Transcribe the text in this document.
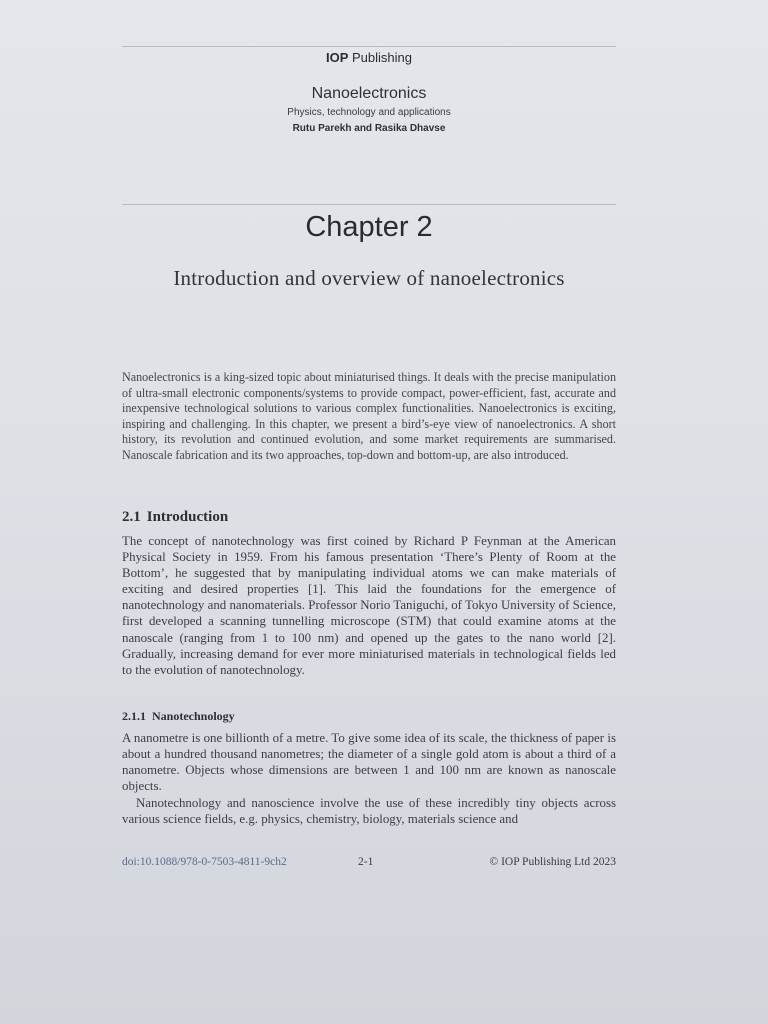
IOP Publishing
Nanoelectronics
Physics, technology and applications
Rutu Parekh and Rasika Dhavse
Chapter 2
Introduction and overview of nanoelectronics
Nanoelectronics is a king-sized topic about miniaturised things. It deals with the precise manipulation of ultra-small electronic components/systems to provide compact, power-efficient, fast, accurate and inexpensive technological solutions to various complex functionalities. Nanoelectronics is exciting, inspiring and challenging. In this chapter, we present a bird’s-eye view of nanoelectronics. A short history, its revolution and continued evolution, and some market requirements are summarised. Nanoscale fabrication and its two approaches, top-down and bottom-up, are also introduced.
2.1 Introduction
The concept of nanotechnology was first coined by Richard P Feynman at the American Physical Society in 1959. From his famous presentation ‘There’s Plenty of Room at the Bottom’, he suggested that by manipulating individual atoms we can make materials of exciting and desired properties [1]. This laid the foundations for the emergence of nanotechnology and nanomaterials. Professor Norio Taniguchi, of Tokyo University of Science, first developed a scanning tunnelling microscope (STM) that could examine atoms at the nanoscale (ranging from 1 to 100 nm) and opened up the gates to the nano world [2]. Gradually, increasing demand for ever more miniaturised materials in technological fields led to the evolution of nanotechnology.
2.1.1 Nanotechnology
A nanometre is one billionth of a metre. To give some idea of its scale, the thickness of paper is about a hundred thousand nanometres; the diameter of a single gold atom is about a third of a nanometre. Objects whose dimensions are between 1 and 100 nm are known as nanoscale objects.
Nanotechnology and nanoscience involve the use of these incredibly tiny objects across various science fields, e.g. physics, chemistry, biology, materials science and
doi:10.1088/978-0-7503-4811-9ch2	2-1	© IOP Publishing Ltd 2023
